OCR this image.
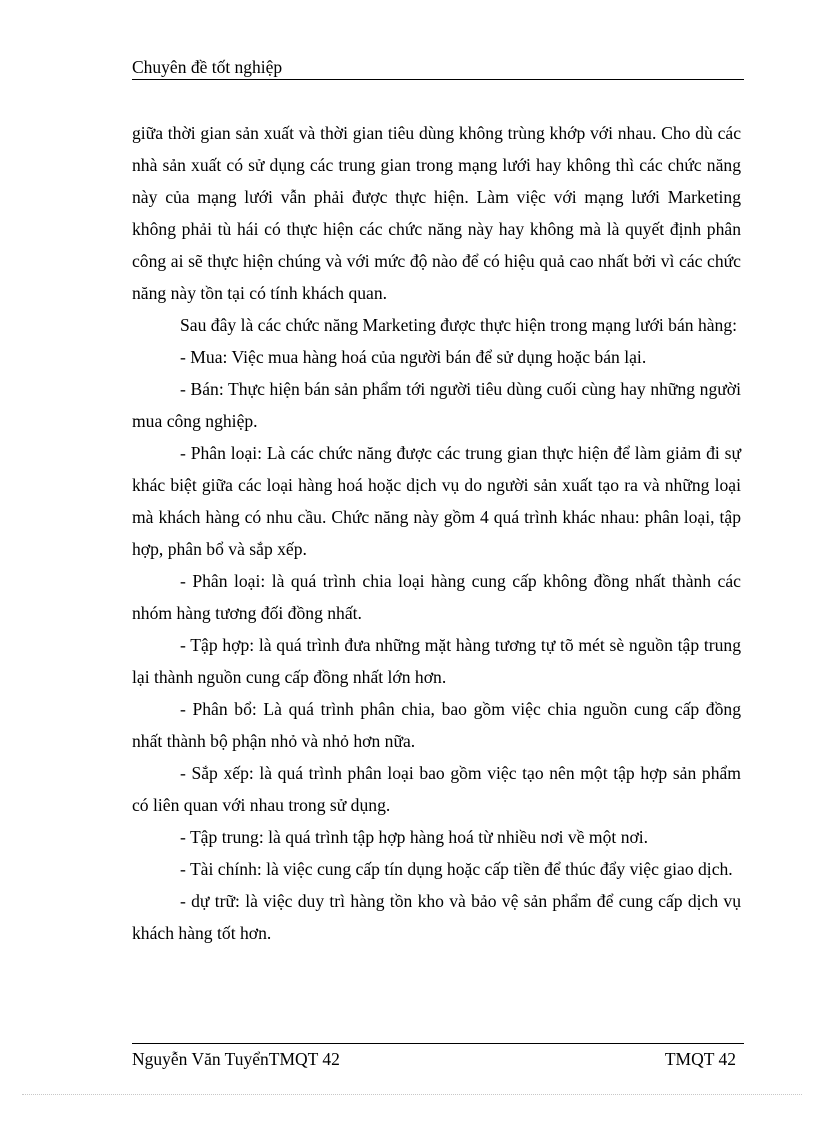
Chuyên đề tốt nghiệp

giữa thời gian sản xuất và thời gian tiêu dùng không trùng khớp với nhau. Cho dù các nhà sản xuất có sử dụng các trung gian trong mạng lưới hay không thì các chức năng này của mạng lưới vẫn phải được thực hiện. Làm việc với mạng lưới Marketing không phải tù hái có thực hiện các chức năng này hay không mà là quyết định phân công ai sẽ thực hiện chúng và với mức độ nào để có hiệu quả cao nhất bởi vì các chức năng này tồn tại có tính khách quan.

Sau đây là các chức năng Marketing được thực hiện trong mạng lưới bán hàng:

- Mua: Việc mua hàng hoá của người bán để sử dụng hoặc bán lại.

- Bán: Thực hiện bán sản phẩm tới người tiêu dùng cuối cùng hay những người mua công nghiệp.

- Phân loại: Là các chức năng được các trung gian thực hiện để làm giảm đi sự khác biệt giữa các loại hàng hoá hoặc dịch vụ do người sản xuất tạo ra và những loại mà khách hàng có nhu cầu. Chức năng này gồm 4 quá trình khác nhau: phân loại, tập hợp, phân bổ và sắp xếp.

- Phân loại: là quá trình chia loại hàng cung cấp không đồng nhất thành các nhóm hàng tương đối đồng nhất.

- Tập hợp: là quá trình đưa những mặt hàng tương tự tõ mét sè nguồn tập trung lại thành nguồn cung cấp đồng nhất lớn hơn.

- Phân bổ: Là quá trình phân chia, bao gồm việc chia nguồn cung cấp đồng nhất thành bộ phận nhỏ và nhỏ hơn nữa.

- Sắp xếp: là quá trình phân loại bao gồm việc tạo nên một tập hợp sản phẩm có liên quan với nhau trong sử dụng.

- Tập trung: là quá trình tập hợp hàng hoá từ nhiều nơi về một nơi.

- Tài chính: là việc cung cấp tín dụng hoặc cấp tiền để thúc đẩy việc giao dịch.

- dự trữ: là việc duy trì hàng tồn kho và bảo vệ sản phẩm để cung cấp dịch vụ khách hàng tốt hơn.

Nguyễn Văn TuyểnTMQT 42	TMQT 42
